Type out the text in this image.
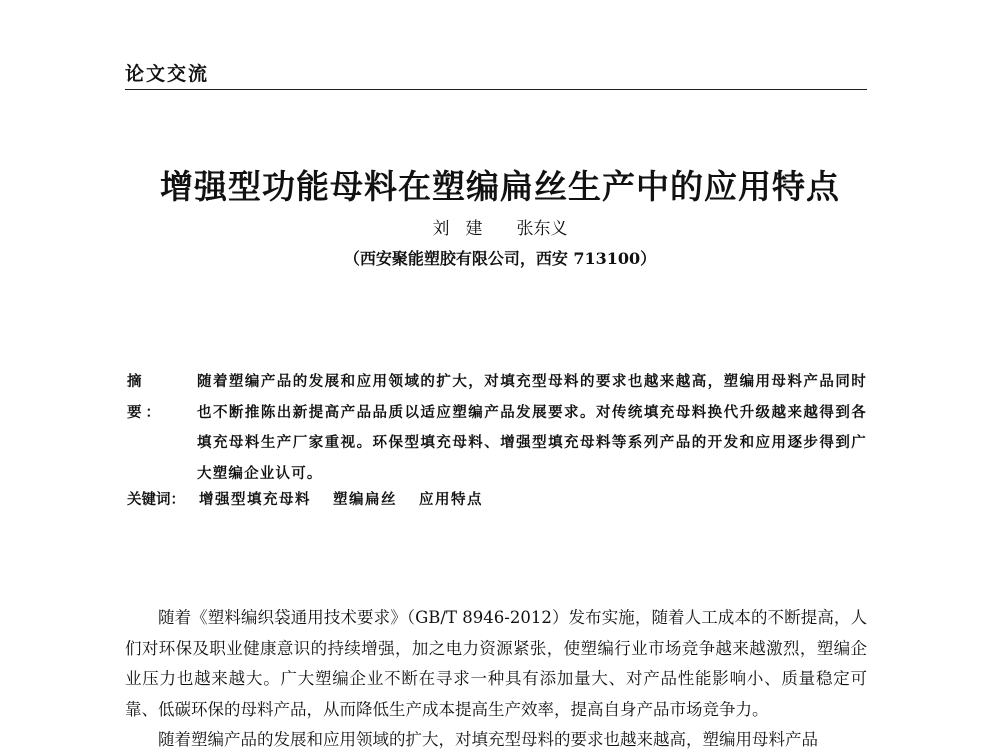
论文交流
增强型功能母料在塑编扁丝生产中的应用特点
刘建 张东义
（西安聚能塑胶有限公司，西安 713100）
摘　要：
随着塑编产品的发展和应用领域的扩大，对填充型母料的要求也越来越高，塑编用母料产品同时也不断推陈出新提高产品品质以适应塑编产品发展要求。对传统填充母料换代升级越来越得到各填充母料生产厂家重视。环保型填充母料、增强型填充母料等系列产品的开发和应用逐步得到广大塑编企业认可。
关键词： 增强型填充母料 塑编扁丝 应用特点

随着《塑料编织袋通用技术要求》（GB/T 8946-2012）发布实施，随着人工成本的不断提高，人们对环保及职业健康意识的持续增强，加之电力资源紧张，使塑编行业市场竞争越来越激烈，塑编企业压力也越来越大。广大塑编企业不断在寻求一种具有添加量大、对产品性能影响小、质量稳定可靠、低碳环保的母料产品，从而降低生产成本提高生产效率，提高自身产品市场竞争力。

随着塑编产品的发展和应用领域的扩大，对填充型母料的要求也越来越高，塑编用母料产品
